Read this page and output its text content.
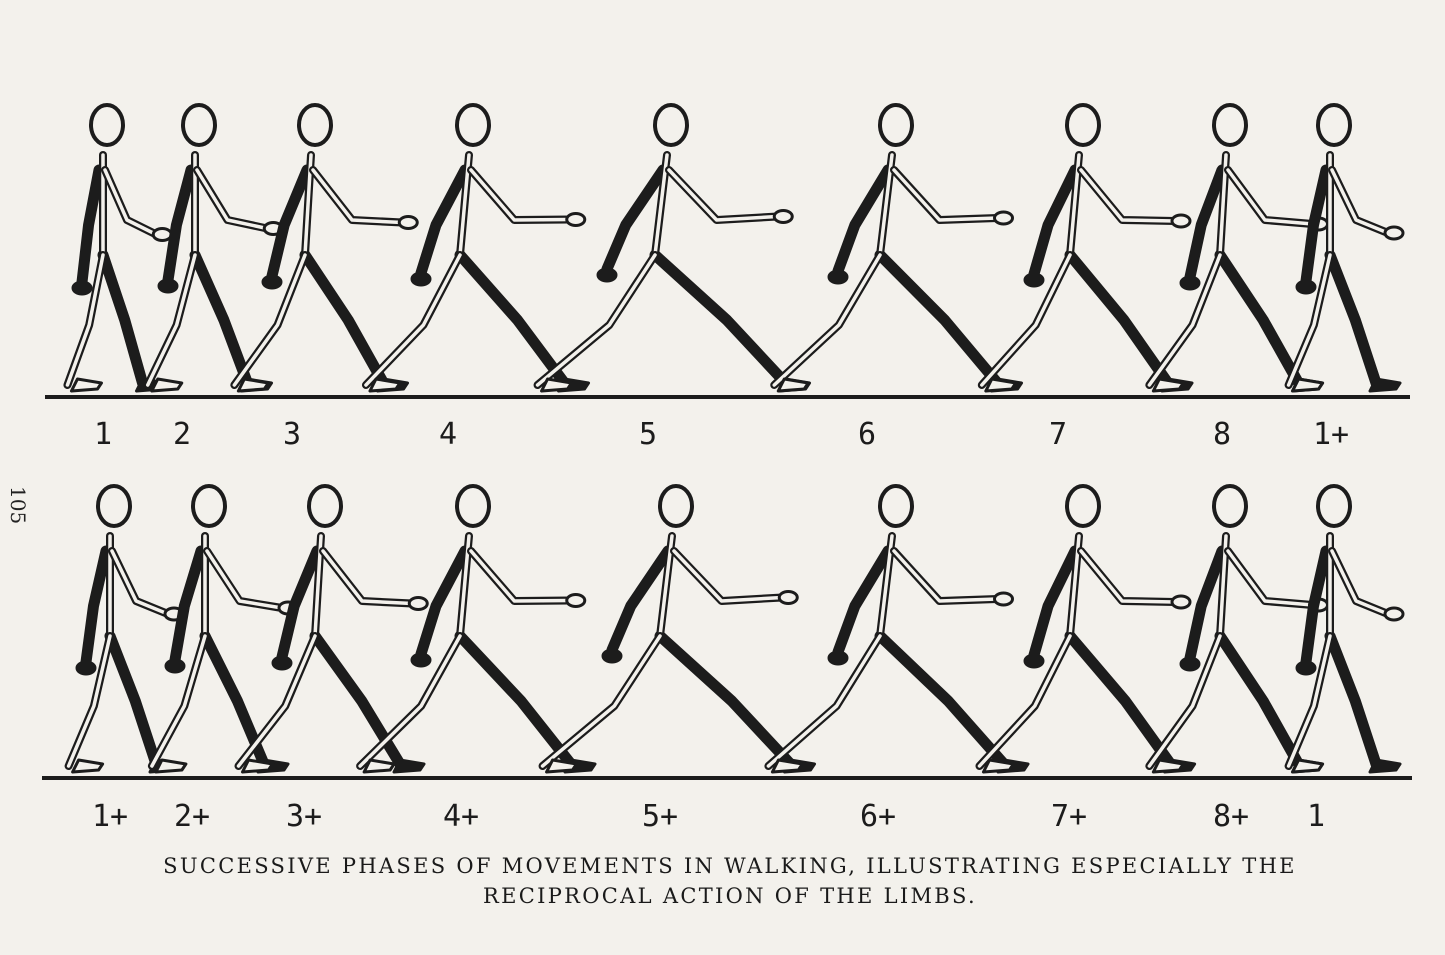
1 2	3	4	5	6	7	8	1+
1+ 2+	3+	4+	5+	6+	7+	8+ 1
105
SUCCESSIVE PHASES OF MOVEMENTS IN WALKING, ILLUSTRATING ESPECIALLY THE
RECIPROCAL ACTION OF THE LIMBS.
